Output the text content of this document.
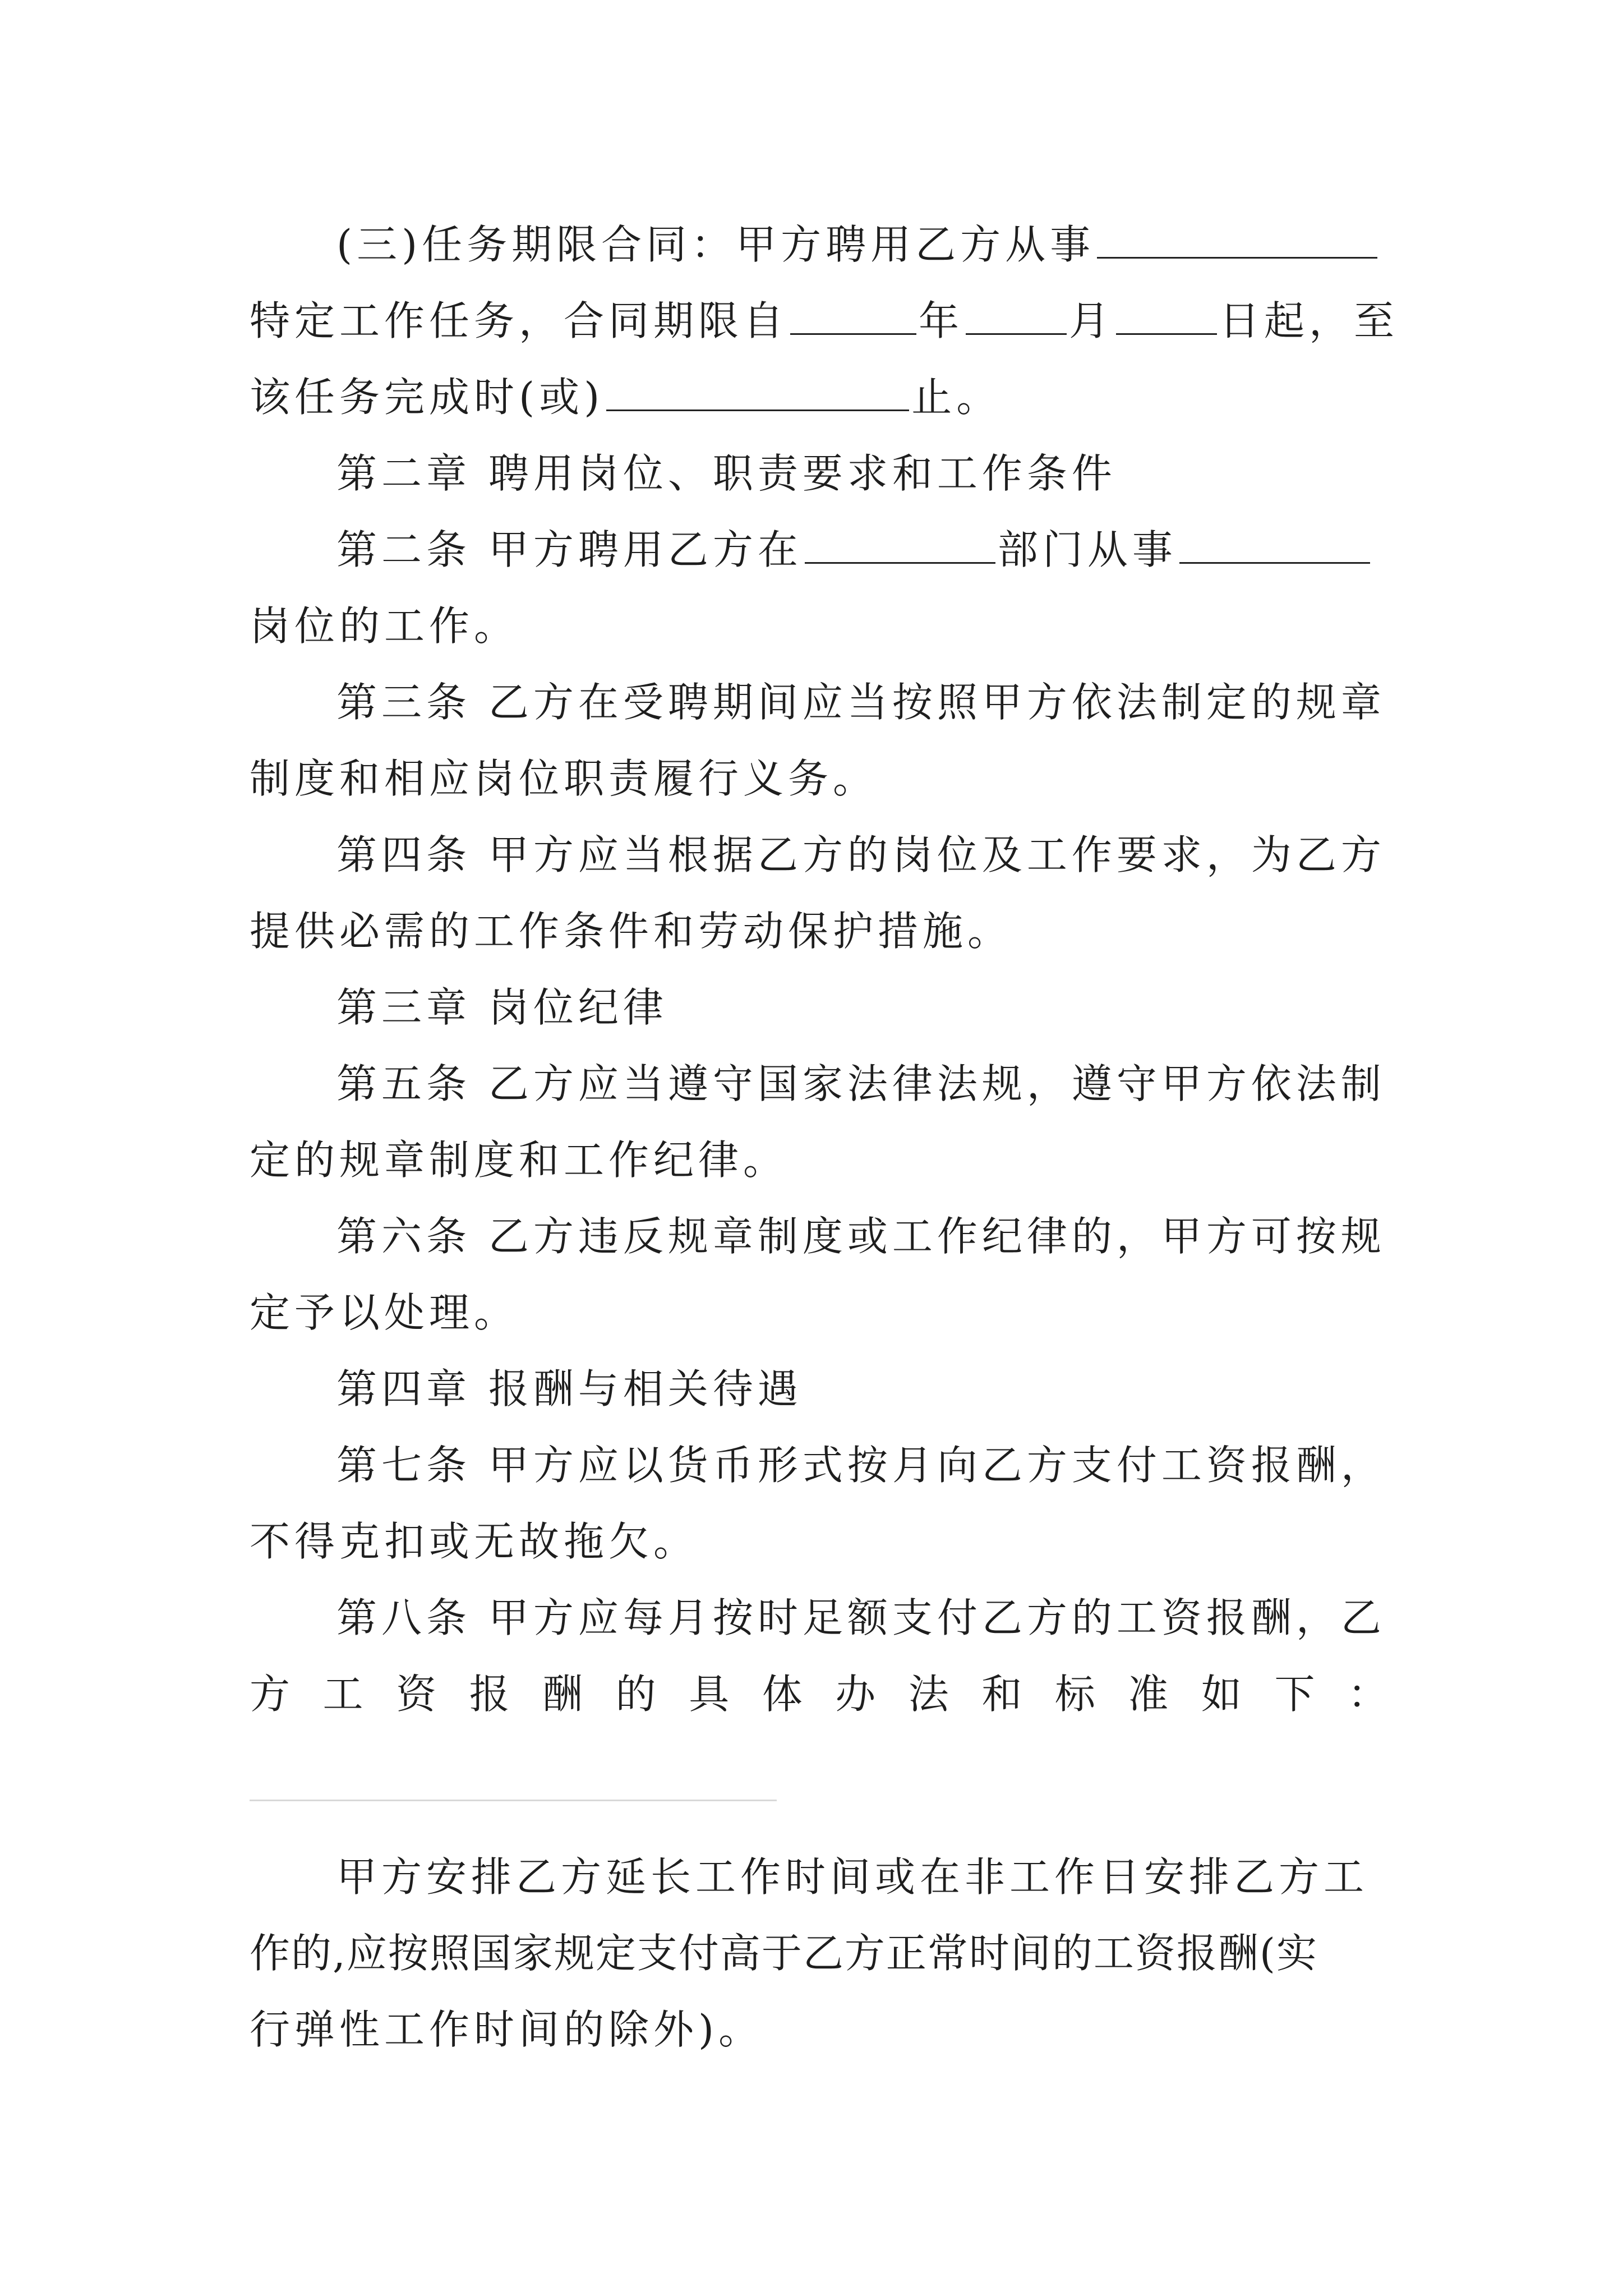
(三)任务期限合同：甲方聘用乙方从事
特定工作任务，合同期限自	年	月	日起，至
该任务完成时(或)	止。
第二章 聘用岗位、职责要求和工作条件
第二条 甲方聘用乙方在	部门从事
岗位的工作。
第三条 乙方在受聘期间应当按照甲方依法制定的规章
制度和相应岗位职责履行义务。
第四条 甲方应当根据乙方的岗位及工作要求，为乙方
提供必需的工作条件和劳动保护措施。
第三章 岗位纪律
第五条 乙方应当遵守国家法律法规，遵守甲方依法制
定的规章制度和工作纪律。
第六条 乙方违反规章制度或工作纪律的，甲方可按规
定予以处理。
第四章 报酬与相关待遇
第七条 甲方应以货币形式按月向乙方支付工资报酬，
不得克扣或无故拖欠。
第八条 甲方应每月按时足额支付乙方的工资报酬，乙
方 工 资 报 酬 的 具 体 办 法 和 标 准 如 下 ：
甲方安排乙方延长工作时间或在非工作日安排乙方工
作的,应按照国家规定支付高于乙方正常时间的工资报酬(实
行弹性工作时间的除外)。
